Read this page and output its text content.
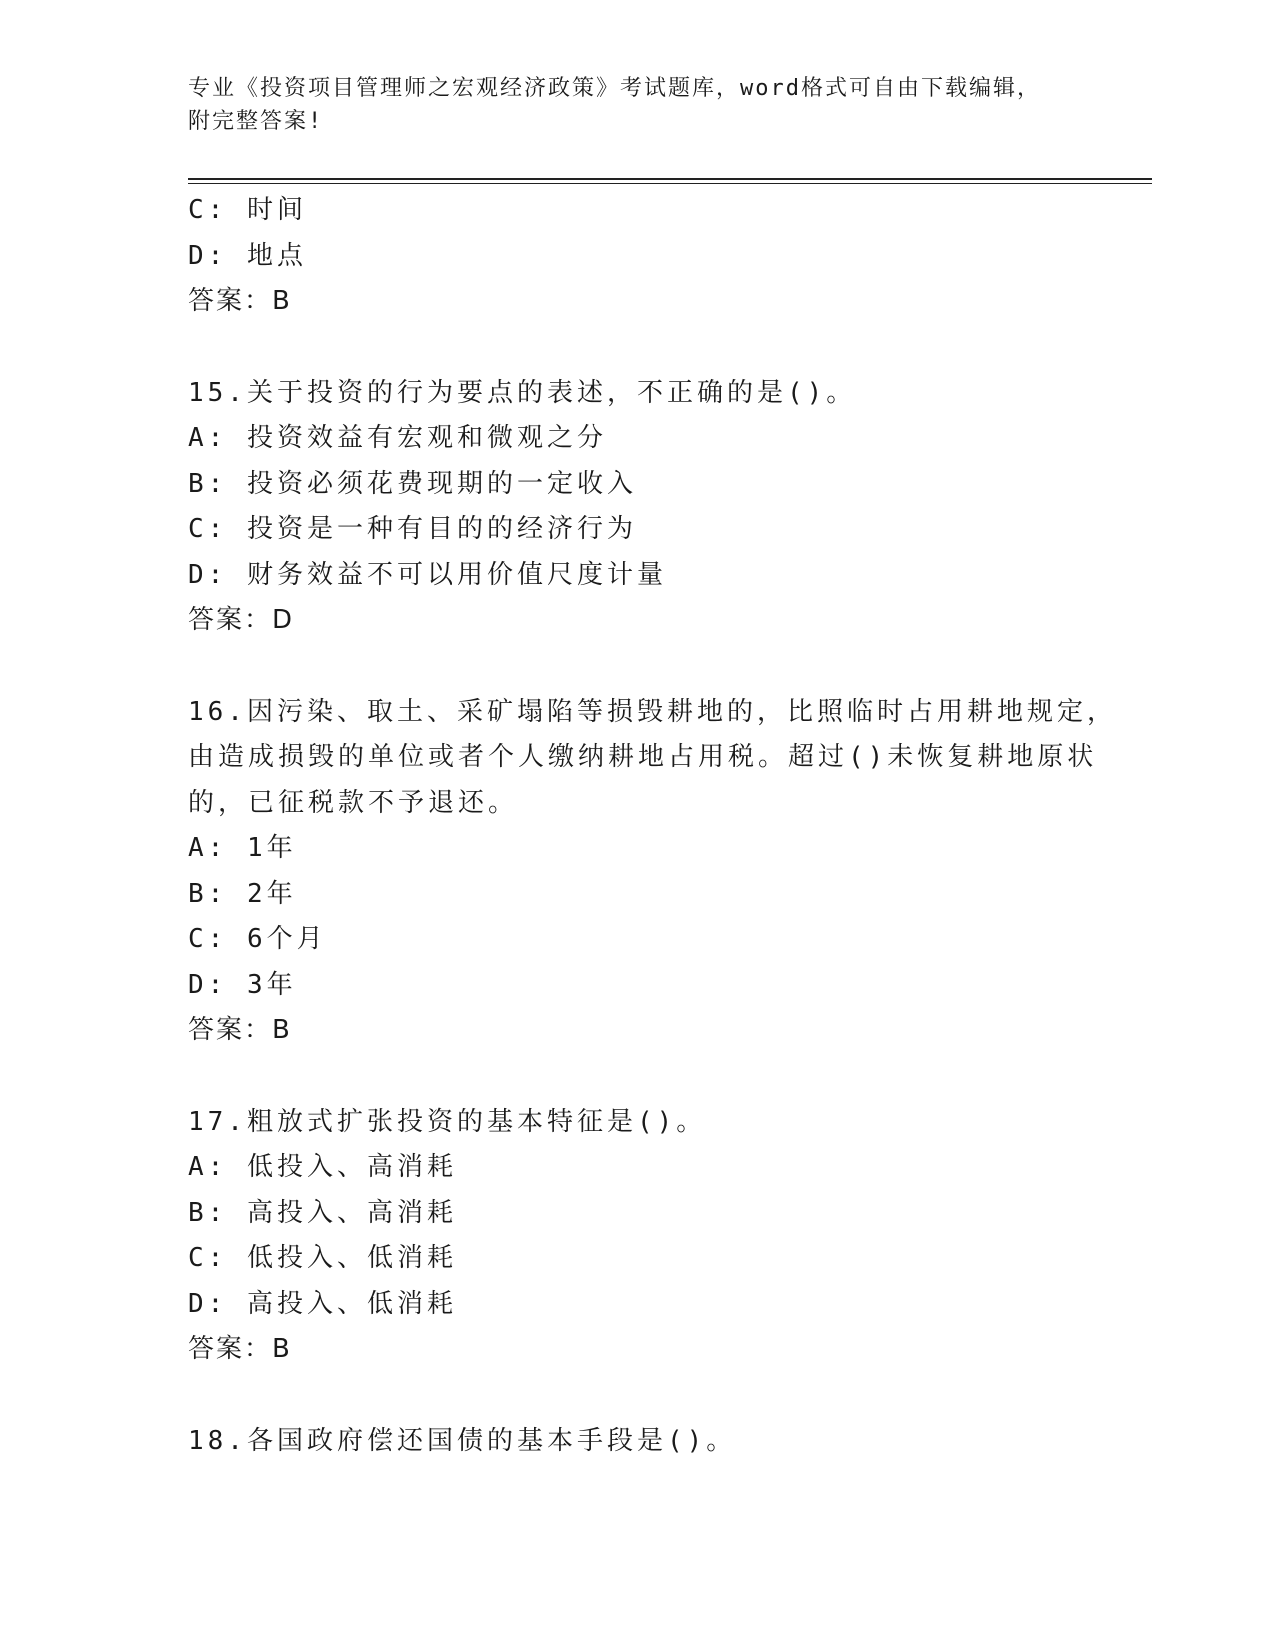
专业《投资项目管理师之宏观经济政策》考试题库，word格式可自由下载编辑，
附完整答案!
C: 时间
D: 地点
答案：B
15.关于投资的行为要点的表述，不正确的是()。
A: 投资效益有宏观和微观之分
B: 投资必须花费现期的一定收入
C: 投资是一种有目的的经济行为
D: 财务效益不可以用价值尺度计量
答案：D
16.因污染、取土、采矿塌陷等损毁耕地的，比照临时占用耕地规定，
由造成损毁的单位或者个人缴纳耕地占用税。超过()未恢复耕地原状
的，已征税款不予退还。
A: 1年
B: 2年
C: 6个月
D: 3年
答案：B
17.粗放式扩张投资的基本特征是()。
A: 低投入、高消耗
B: 高投入、高消耗
C: 低投入、低消耗
D: 高投入、低消耗
答案：B
18.各国政府偿还国债的基本手段是()。
